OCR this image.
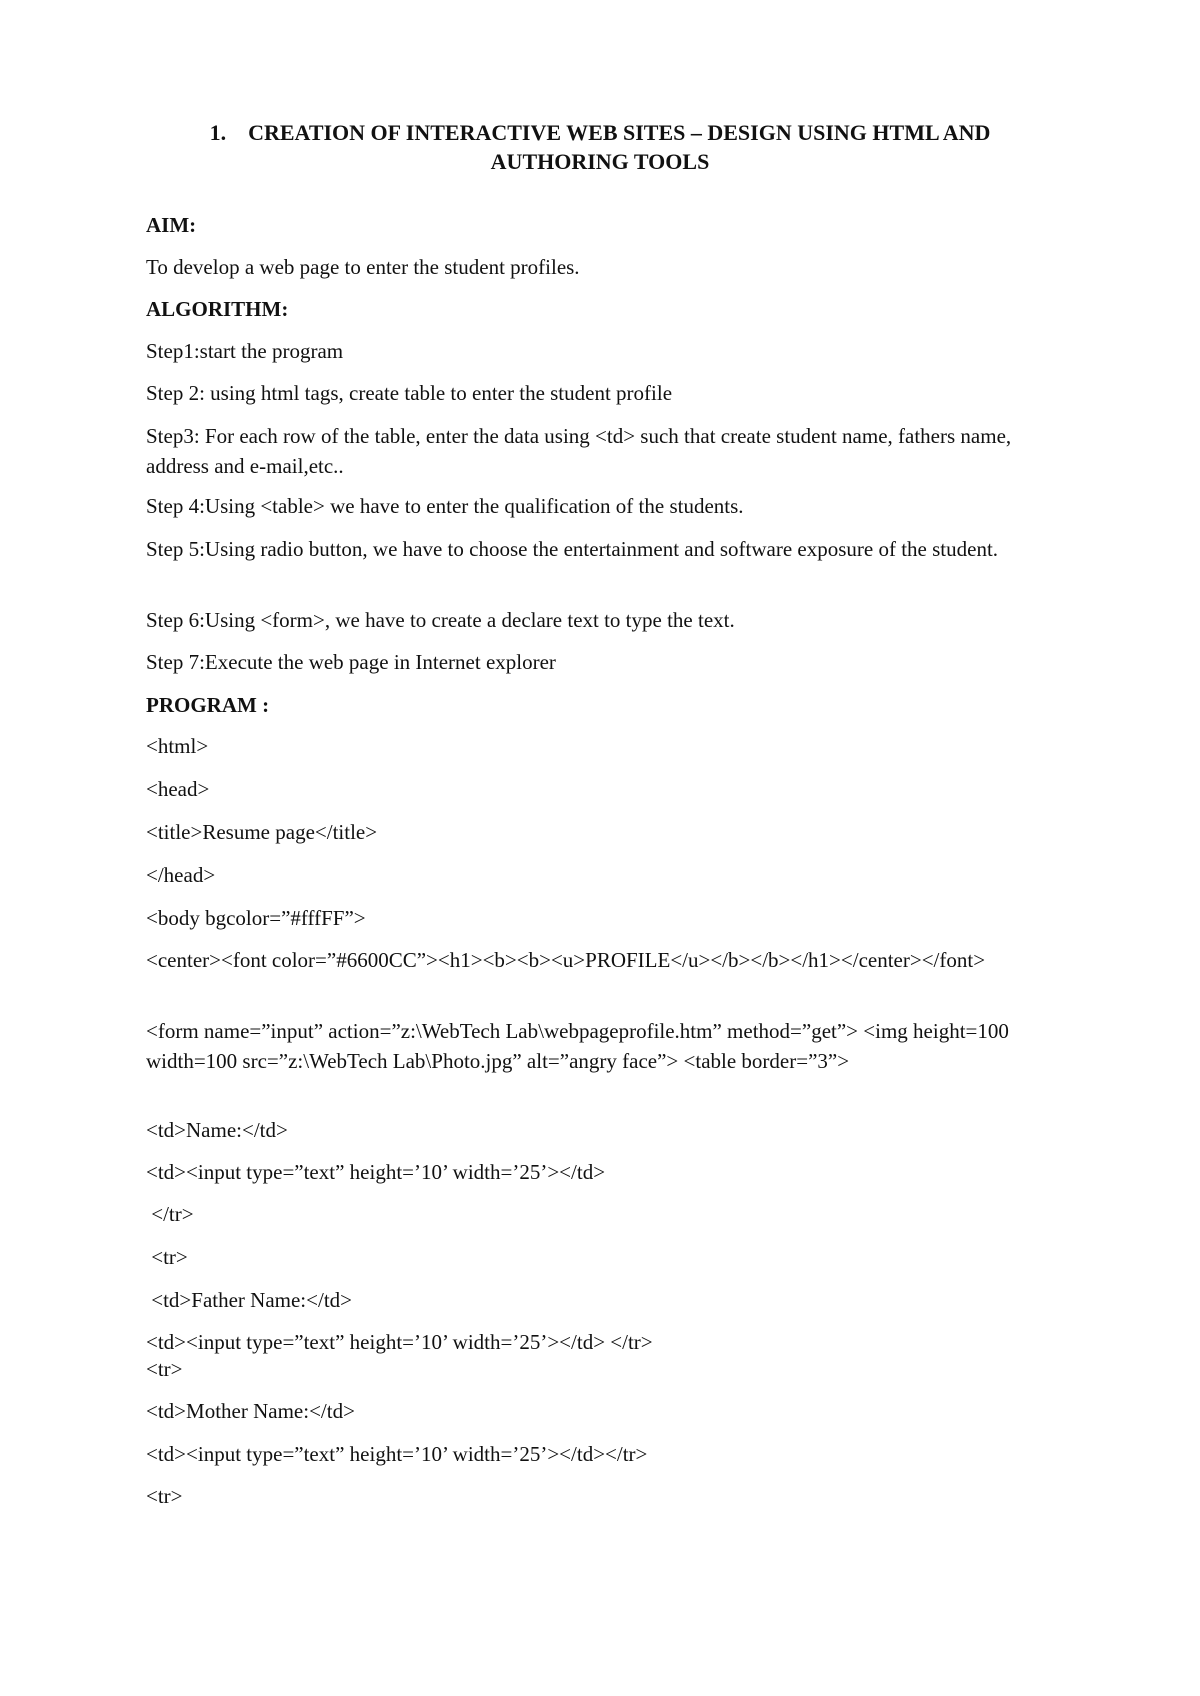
1. CREATION OF INTERACTIVE WEB SITES – DESIGN USING HTML AND
AUTHORING TOOLS
AIM:
To develop a web page to enter the student profiles.
ALGORITHM:
Step1:start the program
Step 2: using html tags, create table to enter the student profile
Step3: For each row of the table, enter the data using <td> such that create student name, fathers name, address and e-mail,etc..
Step 4:Using <table> we have to enter the qualification of the students.
Step 5:Using radio button, we have to choose the entertainment and software exposure of the student.
Step 6:Using <form>, we have to create a declare text to type the text.
Step 7:Execute the web page in Internet explorer
PROGRAM :
<html>
<head>
<title>Resume page</title>
</head>
<body bgcolor=”#fffFF”>
<center><font color=”#6600CC”><h1><b><b><u>PROFILE</u></b></b></h1></center></font>
<form name=”input” action=”z:\WebTech Lab\webpageprofile.htm” method=”get”> <img height=100 width=100 src=”z:\WebTech Lab\Photo.jpg” alt=”angry face”> <table border=”3”>
<td>Name:</td>
<td><input type=”text” height=’10’ width=’25’></td>
</tr>
<tr>
<td>Father Name:</td>
<td><input type=”text” height=’10’ width=’25’></td> </tr>
<tr>
<td>Mother Name:</td>
<td><input type=”text” height=’10’ width=’25’></td></tr>
<tr>
